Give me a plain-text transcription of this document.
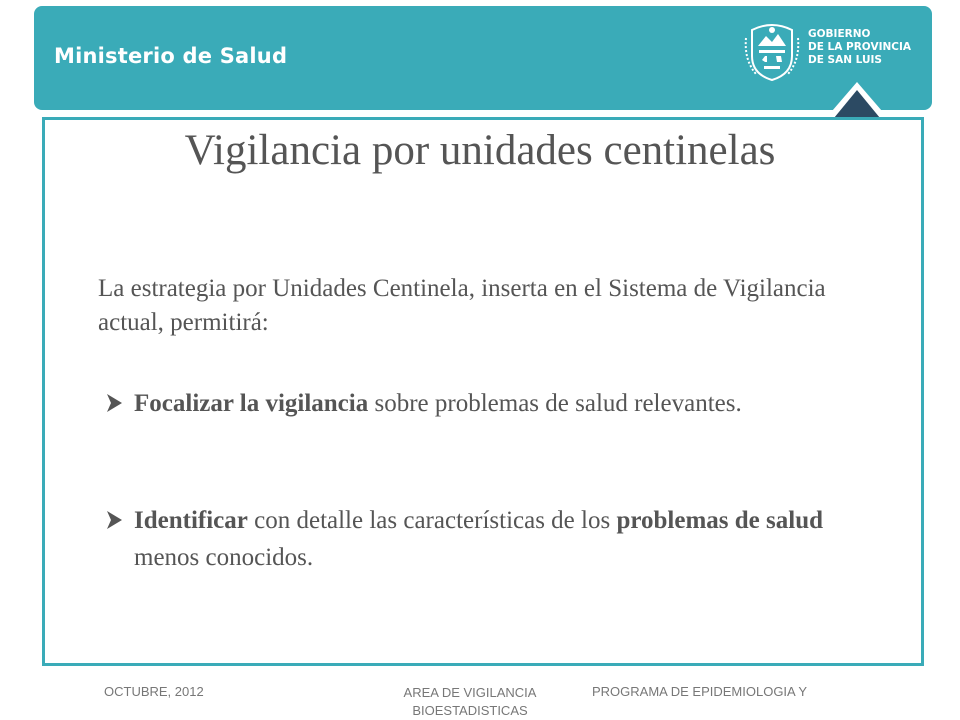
Ministerio de Salud
GOBIERNO
DE LA PROVINCIA
DE SAN LUIS
Vigilancia por unidades centinelas

La estrategia por Unidades Centinela, inserta en el Sistema de Vigilancia actual, permitirá:

Focalizar la vigilancia sobre problemas de salud relevantes.

Identificar con detalle las características de los problemas de salud menos conocidos.

OCTUBRE, 2012	AREA DE VIGILANCIA BIOESTADISTICAS
PROGRAMA DE EPIDEMIOLOGIA Y
